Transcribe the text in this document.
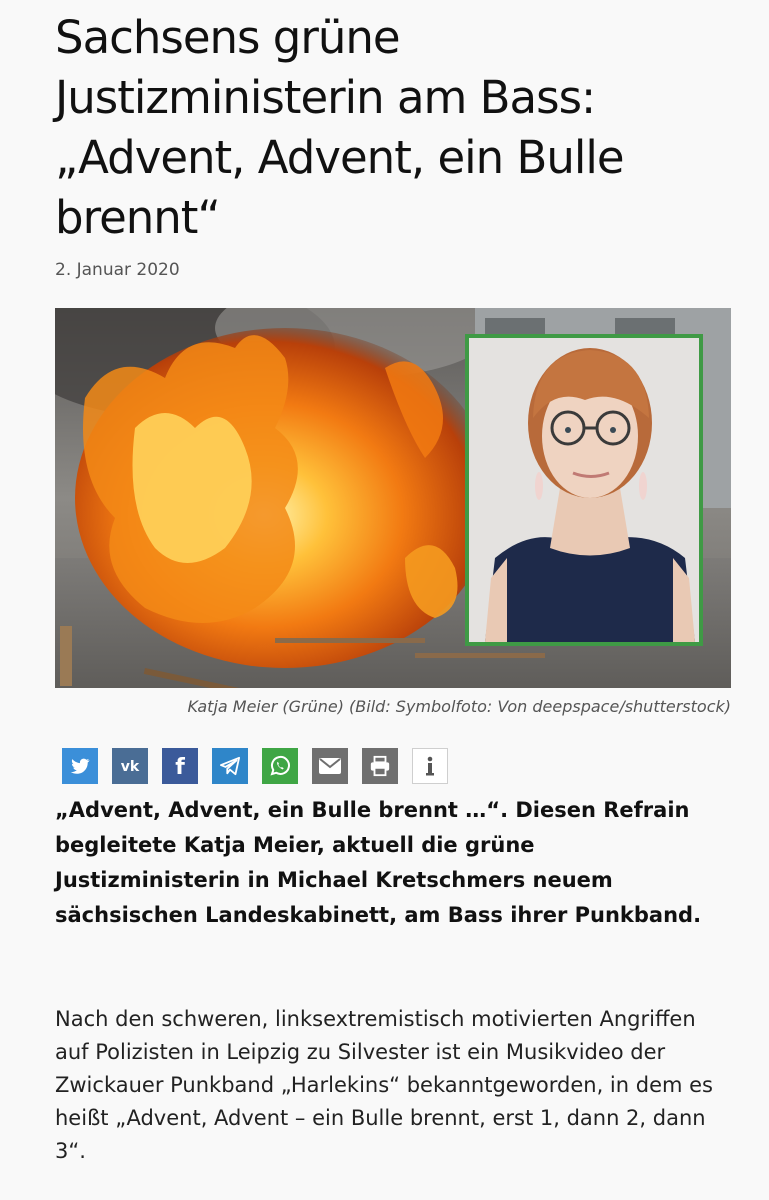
Sachsens grüne Justizministerin am Bass: „Advent, Advent, ein Bulle brennt“
2. Januar 2020
Katja Meier (Grüne) (Bild: Symbolfoto: Von deepspace/shutterstock)
vk f

„Advent, Advent, ein Bulle brennt …“. Diesen Refrain begleitete Katja Meier, aktuell die grüne Justizministerin in Michael Kretschmers neuem sächsischen Landeskabinett, am Bass ihrer Punkband.

Nach den schweren, linksextremistisch motivierten Angriffen auf Polizisten in Leipzig zu Silvester ist ein Musikvideo der Zwickauer Punkband „Harlekins“ bekanntgeworden, in dem es heißt „Advent, Advent – ein Bulle brennt, erst 1, dann 2, dann 3“.
